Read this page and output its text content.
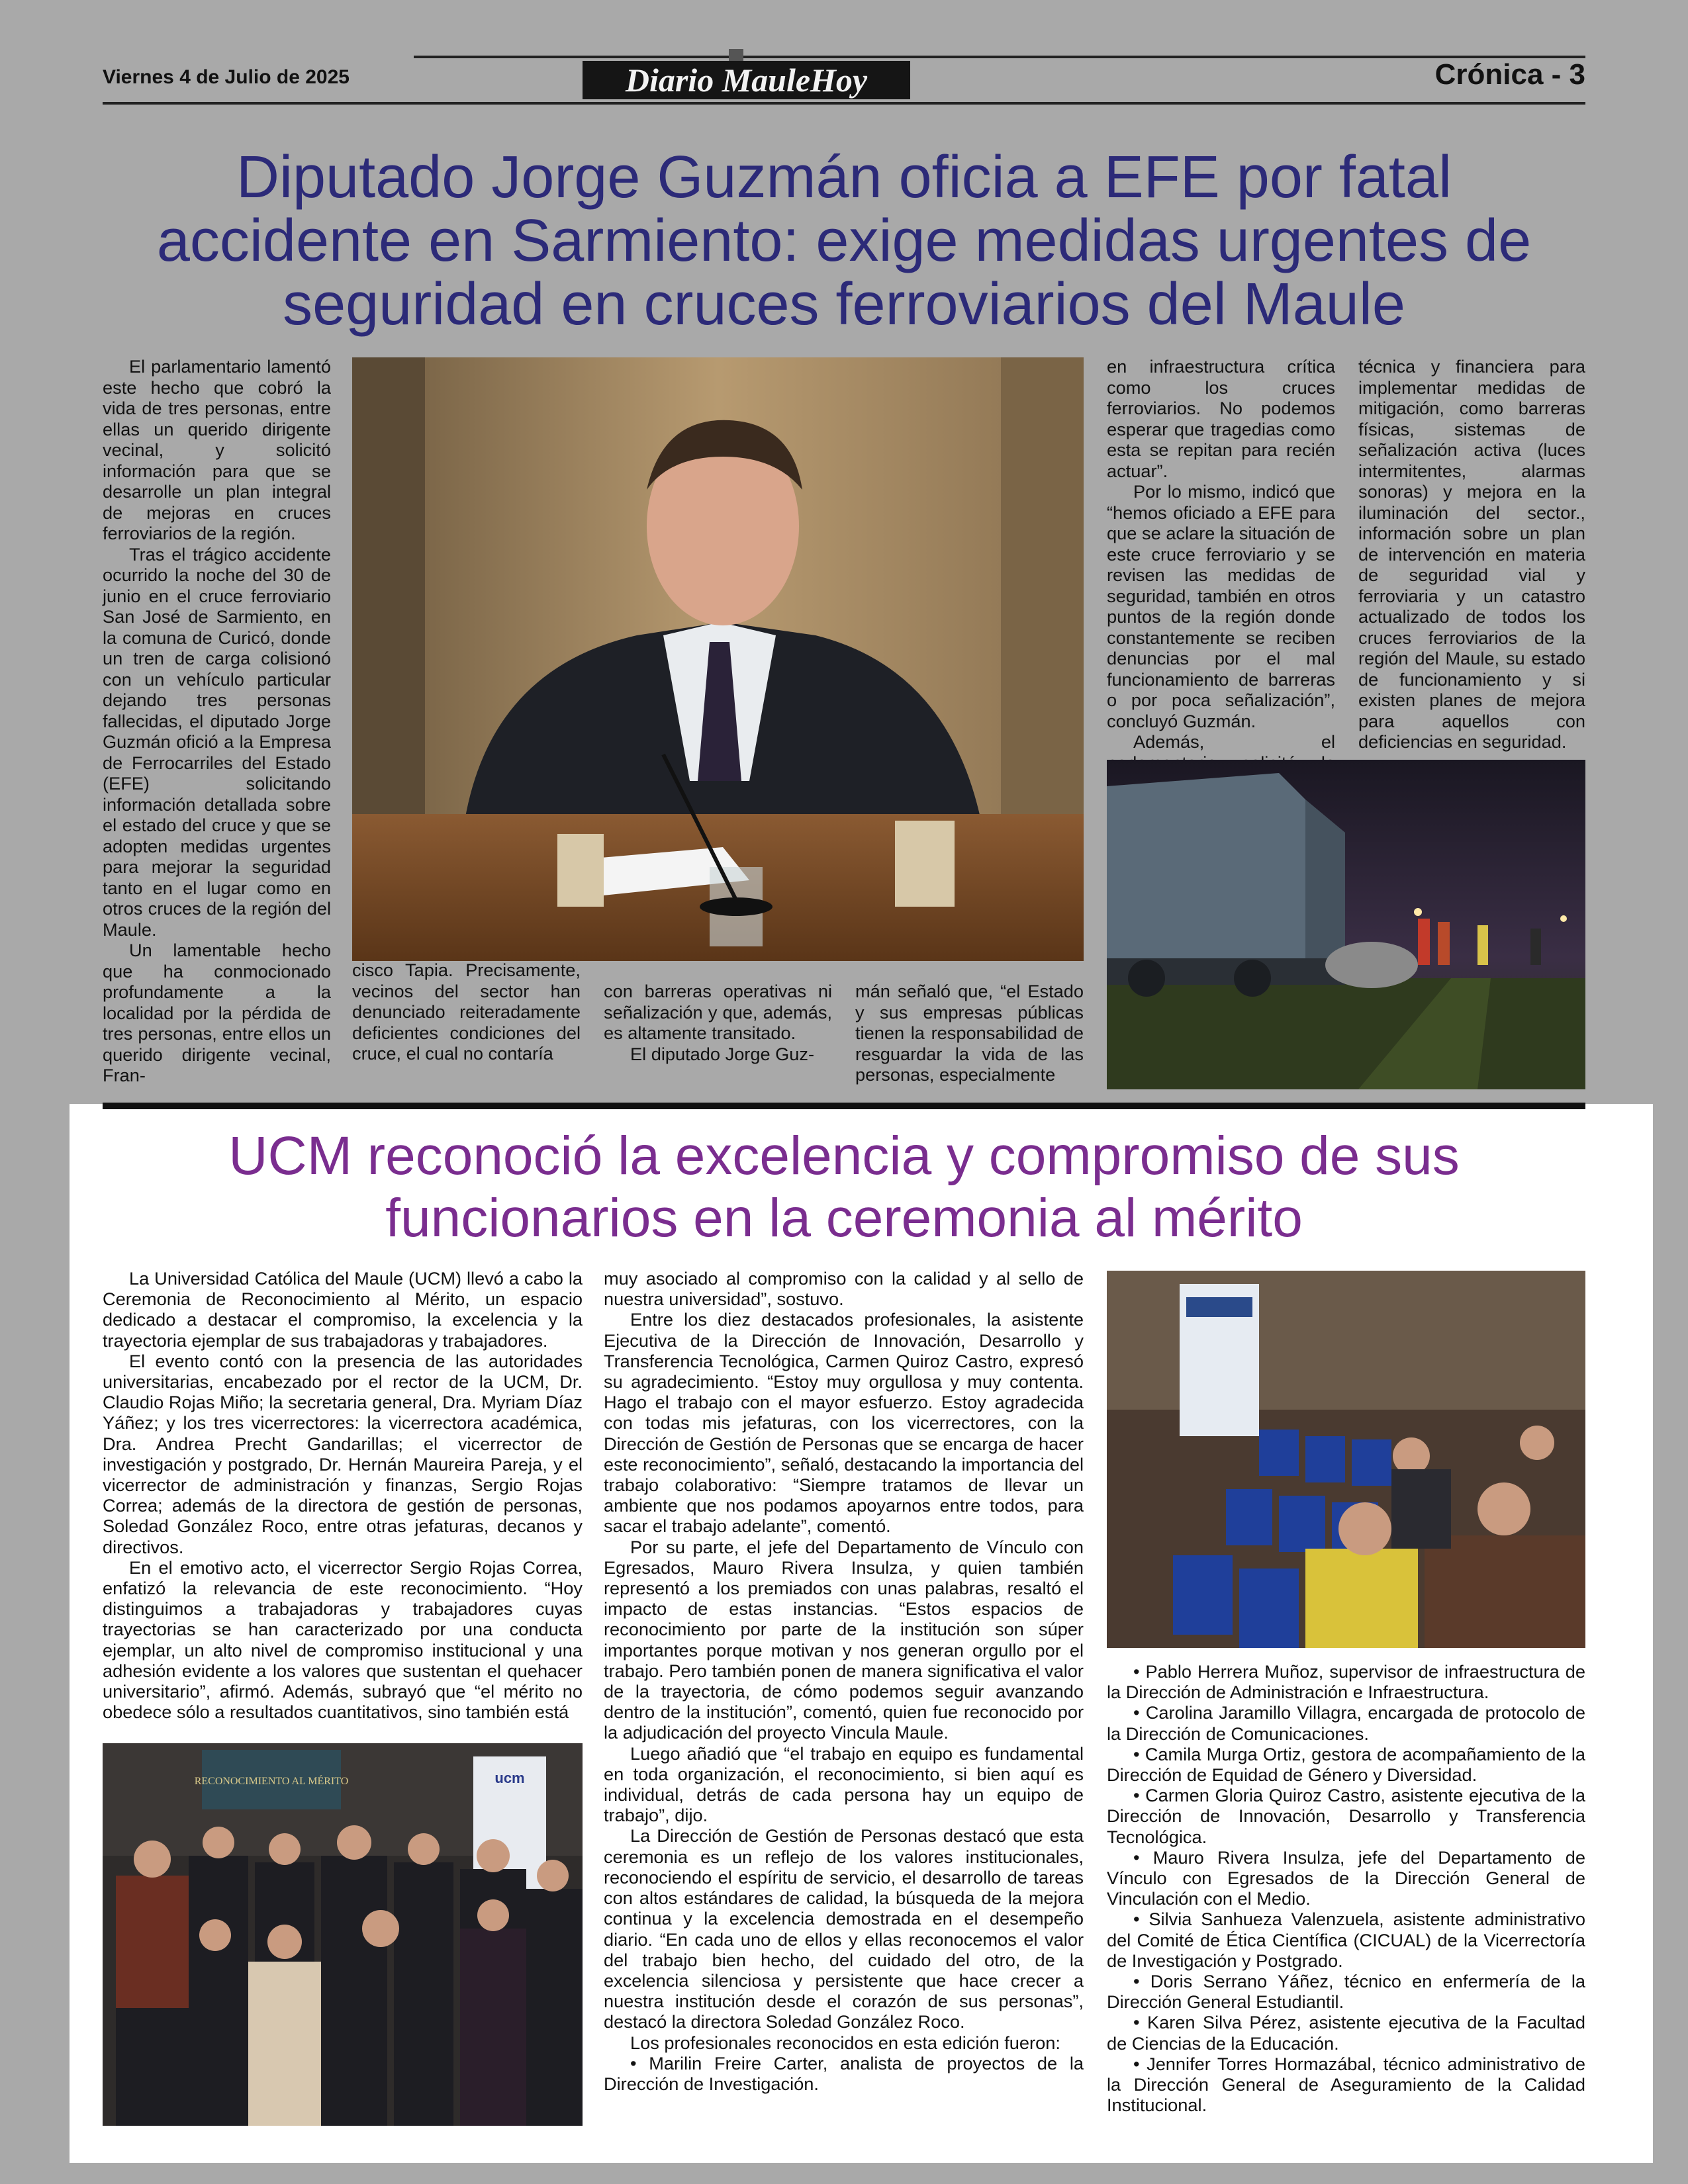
Viernes 4 de Julio de 2025	Diario MauleHoy	Crónica - 3
Diputado Jorge Guzmán oficia a EFE por fatal accidente en Sarmiento: exige medidas urgentes de seguridad en cruces ferroviarios del Maule

El parlamentario lamentó este hecho que cobró la vida de tres personas, entre ellas un querido dirigente vecinal, y solicitó información para que se desarrolle un plan integral de mejoras en cruces ferroviarios de la región.

Tras el trágico accidente ocurrido la noche del 30 de junio en el cruce ferroviario San José de Sarmiento, en la comuna de Curicó, donde un tren de carga colisionó con un vehículo particular dejando tres personas fallecidas, el diputado Jorge Guzmán ofició a la Empresa de Ferrocarriles del Estado (EFE) solicitando información detallada sobre el estado del cruce y que se adopten medidas urgentes para mejorar la seguridad tanto en el lugar como en otros cruces de la región del Maule.

Un lamentable hecho que ha conmocionado profundamente a la localidad por la pérdida de tres personas, entre ellos un querido dirigente vecinal, Fran-

cisco Tapia. Precisamente, vecinos del sector han denunciado reiteradamente deficientes condiciones del cruce, el cual no contaría

con barreras operativas ni señalización y que, además, es altamente transitado.

El diputado Jorge Guz-

mán señaló que, “el Estado y sus empresas públicas tienen la responsabilidad de resguardar la vida de las personas, especialmente

en infraestructura crítica como los cruces ferroviarios. No podemos esperar que tragedias como esta se repitan para recién actuar”.

Por lo mismo, indicó que “hemos oficiado a EFE para que se aclare la situación de este cruce ferroviario y se revisen las medidas de seguridad, también en otros puntos de la región donde constantemente se reciben denuncias por el mal funcionamiento de barreras o por poca señalización”, concluyó Guzmán.

Además, el

técnica y financiera para implementar medidas de mitigación, como barreras físicas, sistemas de señalización activa (luces intermitentes, alarmas sonoras) y mejora en la iluminación del sector., información sobre un plan de intervención en materia de seguridad vial y ferroviaria y un catastro actualizado de todos los cruces ferroviarios de la región del Maule, su estado de funcionamiento y si existen planes de mejora para aquellos con deficiencias en seguridad.

UCM reconoció la excelencia y compromiso de sus funcionarios en la ceremonia al mérito

La Universidad Católica del Maule (UCM) llevó a cabo la Ceremonia de Reconocimiento al Mérito, un espacio dedicado a destacar el compromiso, la excelencia y la trayectoria ejemplar de sus trabajadoras y trabajadores.

El evento contó con la presencia de las autoridades universitarias, encabezado por el rector de la UCM, Dr. Claudio Rojas Miño; la secretaria general, Dra. Myriam Díaz Yáñez; y los tres vicerrectores: la vicerrectora académica, Dra. Andrea Precht Gandarillas; el vicerrector de investigación y postgrado, Dr. Hernán Maureira Pareja, y el vicerrector de administración y finanzas, Sergio Rojas Correa; además de la directora de gestión de personas, Soledad González Roco, entre otras jefaturas, decanos y directivos.

En el emotivo acto, el vicerrector Sergio Rojas Correa, enfatizó la relevancia de este reconocimiento. “Hoy distinguimos a trabajadoras y trabajadores cuyas trayectorias se han caracterizado por una conducta ejemplar, un alto nivel de compromiso institucional y una adhesión evidente a los valores que sustentan el quehacer universitario”, afirmó. Además, subrayó que “el mérito no obedece sólo a resultados cuantitativos, sino también está

RECONOCIMIENTO AL MÉRITO	ucm

muy asociado al compromiso con la calidad y al sello de nuestra universidad”, sostuvo.

Entre los diez destacados profesionales, la asistente Ejecutiva de la Dirección de Innovación, Desarrollo y Transferencia Tecnológica, Carmen Quiroz Castro, expresó su agradecimiento. “Estoy muy orgullosa y muy contenta. Hago el trabajo con el mayor esfuerzo. Estoy agradecida con todas mis jefaturas, con los vicerrectores, con la Dirección de Gestión de Personas que se encarga de hacer este reconocimiento”, señaló, destacando la importancia del trabajo colaborativo: “Siempre tratamos de llevar un ambiente que nos podamos apoyarnos entre todos, para sacar el trabajo adelante”, comentó.

Por su parte, el jefe del Departamento de Vínculo con Egresados, Mauro Rivera Insulza, y quien también representó a los premiados con unas palabras, resaltó el impacto de estas instancias. “Estos espacios de reconocimiento por parte de la institución son súper importantes porque motivan y nos generan orgullo por el trabajo. Pero también ponen de manera significativa el valor de la trayectoria, de cómo podemos seguir avanzando dentro de la institución”, comentó, quien fue reconocido por la adjudicación del proyecto Vincula Maule.

Luego añadió que “el trabajo en equipo es fundamental en toda organización, el reconocimiento, si bien aquí es individual, detrás de cada persona hay un equipo de trabajo”, dijo.

La Dirección de Gestión de Personas destacó que esta ceremonia es un reflejo de los valores institucionales, reconociendo el espíritu de servicio, el desarrollo de tareas con altos estándares de calidad, la búsqueda de la mejora continua y la excelencia demostrada en el desempeño diario. “En cada uno de ellos y ellas reconocemos el valor del trabajo bien hecho, del cuidado del otro, de la excelencia silenciosa y persistente que hace crecer a nuestra institución desde el corazón de sus personas”, destacó la directora Soledad González Roco.

Los profesionales reconocidos en esta edición fueron:

• Marilin Freire Carter, analista de proyectos de la Dirección de Investigación.

• Pablo Herrera Muñoz, supervisor de infraestructura de la Dirección de Administración e Infraestructura.

• Carolina Jaramillo Villagra, encargada de protocolo de la Dirección de Comunicaciones.

• Camila Murga Ortiz, gestora de acompañamiento de la Dirección de Equidad de Género y Diversidad.

• Carmen Gloria Quiroz Castro, asistente ejecutiva de la Dirección de Innovación, Desarrollo y Transferencia Tecnológica.

• Mauro Rivera Insulza, jefe del Departamento de Vínculo con Egresados de la Dirección General de Vinculación con el Medio.

• Silvia Sanhueza Valenzuela, asistente administrativo del Comité de Ética Científica (CICUAL) de la Vicerrectoría de Investigación y Postgrado.

• Doris Serrano Yáñez, técnico en enfermería de la Dirección General Estudiantil.

• Karen Silva Pérez, asistente ejecutiva de la Facultad de Ciencias de la Educación.

• Jennifer Torres Hormazábal, técnico administrativo de la Dirección General de Aseguramiento de la Calidad Institucional.
